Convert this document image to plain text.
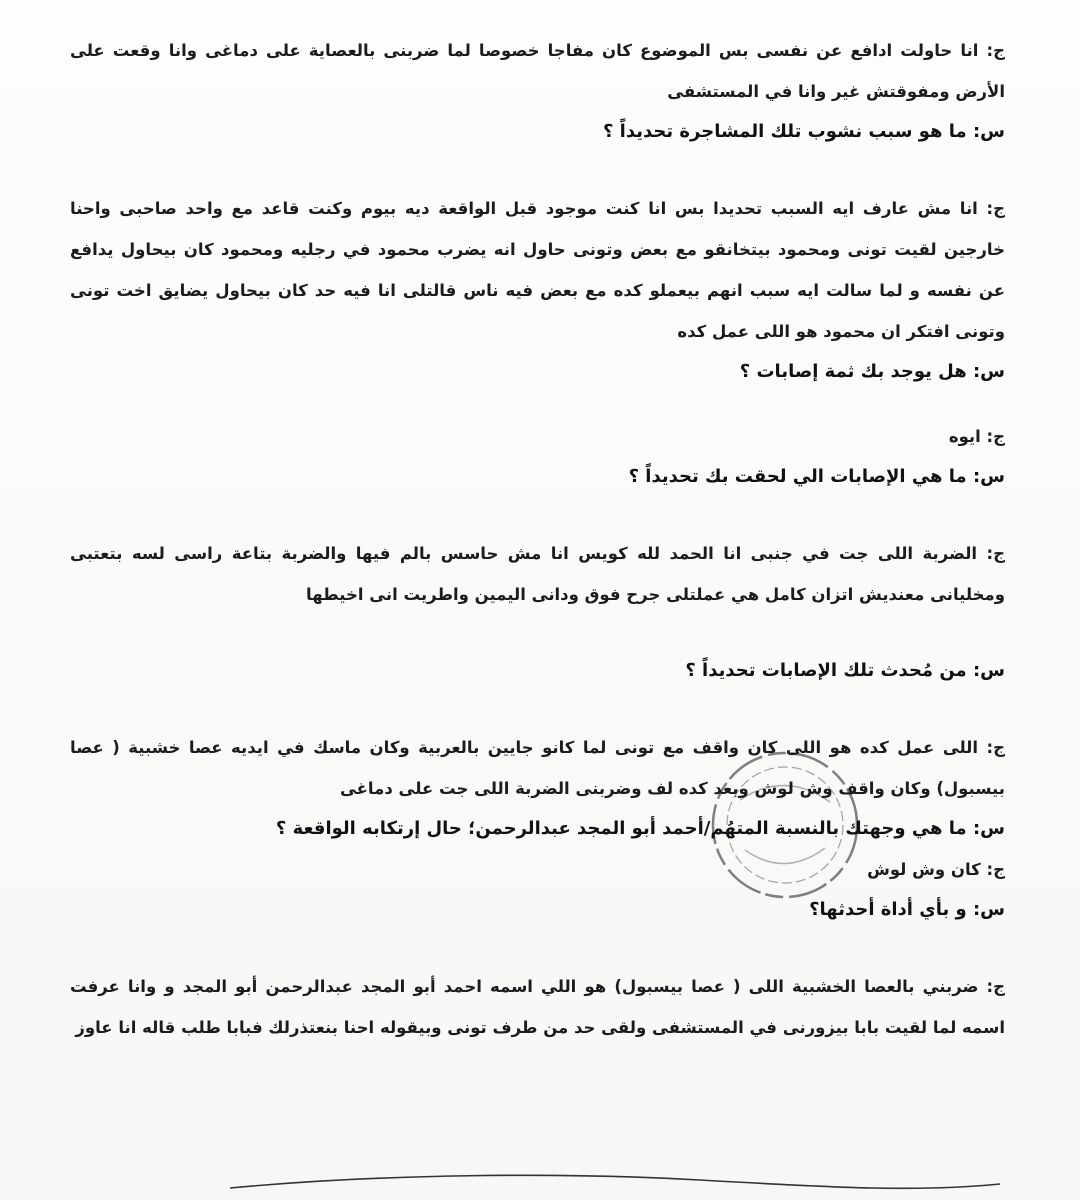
ج: انا حاولت ادافع عن نفسى بس الموضوع كان مفاجا خصوصا لما ضربنى بالعصاية على دماغى وانا وقعت على الأرض ومفوقتش غير وانا في المستشفى

س: ما هو سبب نشوب تلك المشاجرة تحديداً ؟

ج: انا مش عارف ايه السبب تحديدا بس انا كنت موجود قبل الواقعة ديه بيوم وكنت قاعد مع واحد صاحبى واحنا خارجين لقيت تونى ومحمود بيتخانقو مع بعض وتونى حاول انه يضرب محمود في رجليه ومحمود كان بيحاول يدافع عن نفسه و لما سالت ايه سبب انهم بيعملو كده مع بعض فيه ناس قالتلى انا فيه حد كان بيحاول يضايق اخت تونى وتونى افتكر ان محمود هو اللى عمل كده

س: هل يوجد بك ثمة إصابات ؟

ج: ايوه

س: ما هي الإصابات الي لحقت بك تحديداً ؟

ج: الضربة اللى جت في جنبى انا الحمد لله كويس انا مش حاسس بالم فيها والضربة بتاعة راسى لسه بتعتبى ومخليانى معنديش اتزان كامل هي عملتلى جرح فوق ودانى اليمين واطريت انى اخيطها

س: من مُحدث تلك الإصابات تحديداً ؟

ج: اللى عمل كده هو اللى كان واقف مع تونى لما كانو جايين بالعربية وكان ماسك في ايديه عصا خشبية ( عصا بيسبول) وكان واقف وش لوش وبعد كده لف وضربنى الضربة اللى جت على دماغى

س: ما هي وجهتك بالنسبة المتهُم/أحمد أبو المجد عبدالرحمن؛ حال إرتكابه الواقعة ؟

ج: كان وش لوش

س: و بأي أداة أحدثها؟

ج: ضربني بالعصا الخشبية اللى ( عصا بيسبول) هو اللي اسمه احمد أبو المجد عبدالرحمن أبو المجد و وانا عرفت اسمه لما لقيت بابا بيزورنى في المستشفى ولقى حد من طرف تونى وبيقوله احنا بنعتذرلك فبابا طلب قاله انا عاوز
